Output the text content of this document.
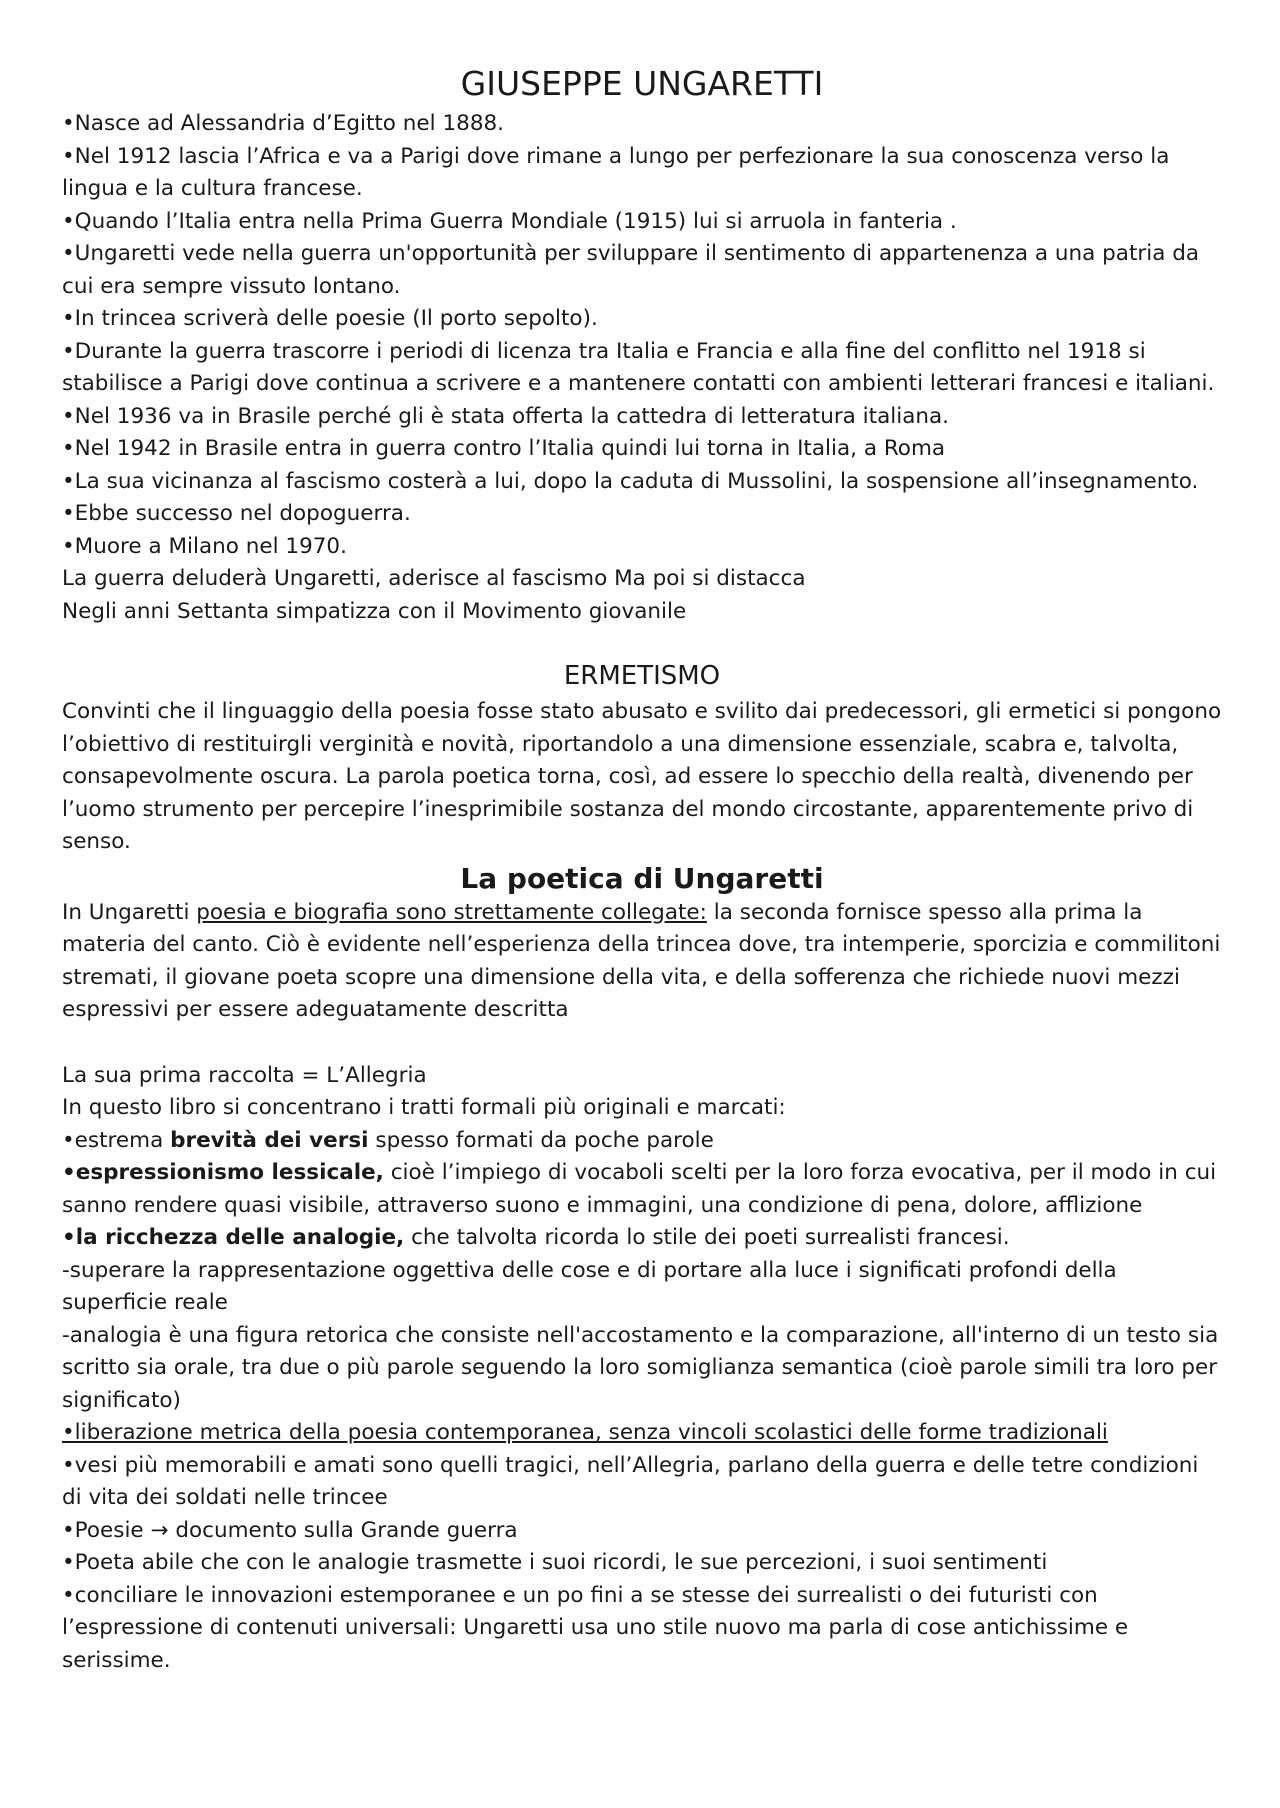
GIUSEPPE UNGARETTI

•Nasce ad Alessandria d’Egitto nel 1888.

•Nel 1912 lascia l’Africa e va a Parigi dove rimane a lungo per perfezionare la sua conoscenza verso la lingua e la cultura francese.

•Quando l’Italia entra nella Prima Guerra Mondiale (1915) lui si arruola in fanteria .

•Ungaretti vede nella guerra un'opportunità per sviluppare il sentimento di appartenenza a una patria da cui era sempre vissuto lontano.

•In trincea scriverà delle poesie (Il porto sepolto).

•Durante la guerra trascorre i periodi di licenza tra Italia e Francia e alla fine del conflitto nel 1918 si stabilisce a Parigi dove continua a scrivere e a mantenere contatti con ambienti letterari francesi e italiani.

•Nel 1936 va in Brasile perché gli è stata offerta la cattedra di letteratura italiana.

•Nel 1942 in Brasile entra in guerra contro l’Italia quindi lui torna in Italia, a Roma

•La sua vicinanza al fascismo costerà a lui, dopo la caduta di Mussolini, la sospensione all’insegnamento.

•Ebbe successo nel dopoguerra.

•Muore a Milano nel 1970.

La guerra deluderà Ungaretti, aderisce al fascismo Ma poi si distacca

Negli anni Settanta simpatizza con il Movimento giovanile

ERMETISMO

Convinti che il linguaggio della poesia fosse stato abusato e svilito dai predecessori, gli ermetici si pongono l’obiettivo di restituirgli verginità e novità, riportandolo a una dimensione essenziale, scabra e, talvolta, consapevolmente oscura. La parola poetica torna, così, ad essere lo specchio della realtà, divenendo per l’uomo strumento per percepire l’inesprimibile sostanza del mondo circostante, apparentemente privo di senso.

La poetica di Ungaretti

In Ungaretti poesia e biografia sono strettamente collegate: la seconda fornisce spesso alla prima la materia del canto. Ciò è evidente nell’esperienza della trincea dove, tra intemperie, sporcizia e commilitoni stremati, il giovane poeta scopre una dimensione della vita, e della sofferenza che richiede nuovi mezzi espressivi per essere adeguatamente descritta

La sua prima raccolta = L’Allegria

In questo libro si concentrano i tratti formali più originali e marcati:

•estrema brevità dei versi spesso formati da poche parole

•espressionismo lessicale, cioè l’impiego di vocaboli scelti per la loro forza evocativa, per il modo in cui sanno rendere quasi visibile, attraverso suono e immagini, una condizione di pena, dolore, afflizione

•la ricchezza delle analogie, che talvolta ricorda lo stile dei poeti surrealisti francesi.

-superare la rappresentazione oggettiva delle cose e di portare alla luce i significati profondi della superficie reale

-analogia è una figura retorica che consiste nell'accostamento e la comparazione, all'interno di un testo sia scritto sia orale, tra due o più parole seguendo la loro somiglianza semantica (cioè parole simili tra loro per significato)

•liberazione metrica della poesia contemporanea, senza vincoli scolastici delle forme tradizionali

•vesi più memorabili e amati sono quelli tragici, nell’Allegria, parlano della guerra e delle tetre condizioni di vita dei soldati nelle trincee

•Poesie → documento sulla Grande guerra

•Poeta abile che con le analogie trasmette i suoi ricordi, le sue percezioni, i suoi sentimenti

•conciliare le innovazioni estemporanee e un po fini a se stesse dei surrealisti o dei futuristi con l’espressione di contenuti universali: Ungaretti usa uno stile nuovo ma parla di cose antichissime e serissime.
